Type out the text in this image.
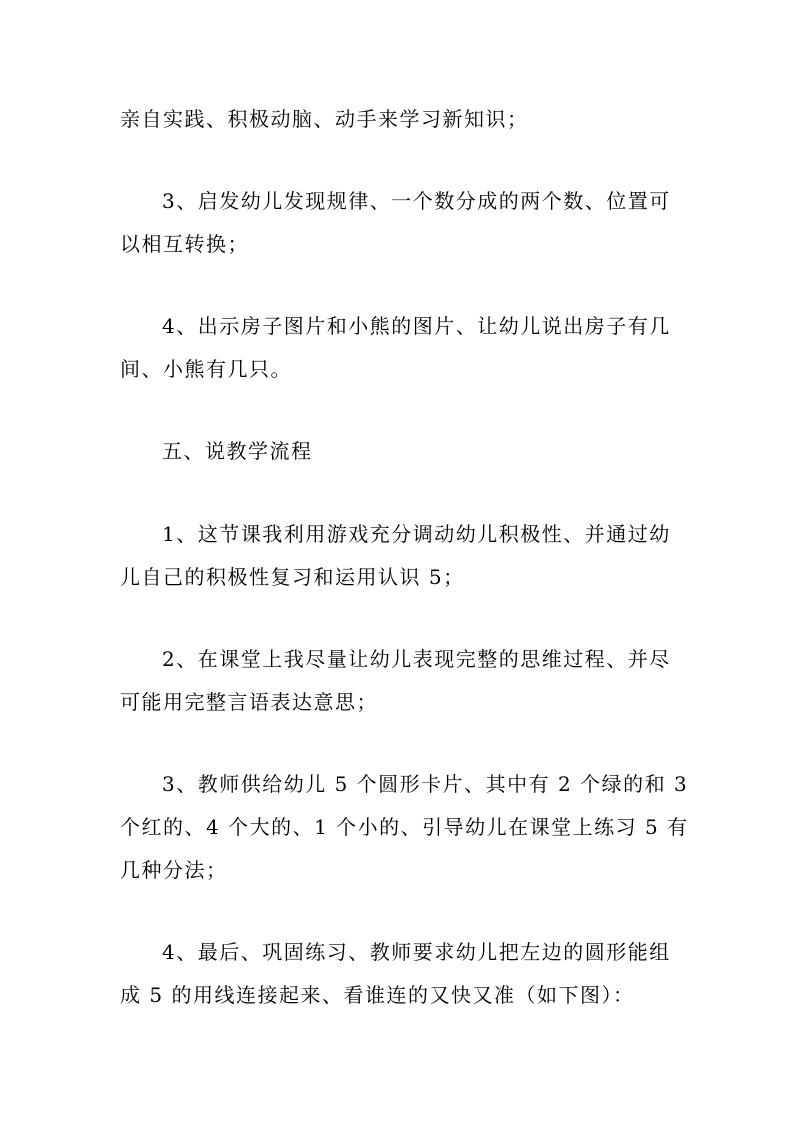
亲自实践、积极动脑、动手来学习新知识；
3、启发幼儿发现规律、一个数分成的两个数、位置可
以相互转换；
4、出示房子图片和小熊的图片、让幼儿说出房子有几
间、小熊有几只。
五、说教学流程
1、这节课我利用游戏充分调动幼儿积极性、并通过幼
儿自己的积极性复习和运用认识 5；
2、在课堂上我尽量让幼儿表现完整的思维过程、并尽
可能用完整言语表达意思；
3、教师供给幼儿 5 个圆形卡片、其中有 2 个绿的和 3
个红的、4 个大的、1 个小的、引导幼儿在课堂上练习 5 有
几种分法；
4、最后、巩固练习、教师要求幼儿把左边的圆形能组
成 5 的用线连接起来、看谁连的又快又准（如下图）：
